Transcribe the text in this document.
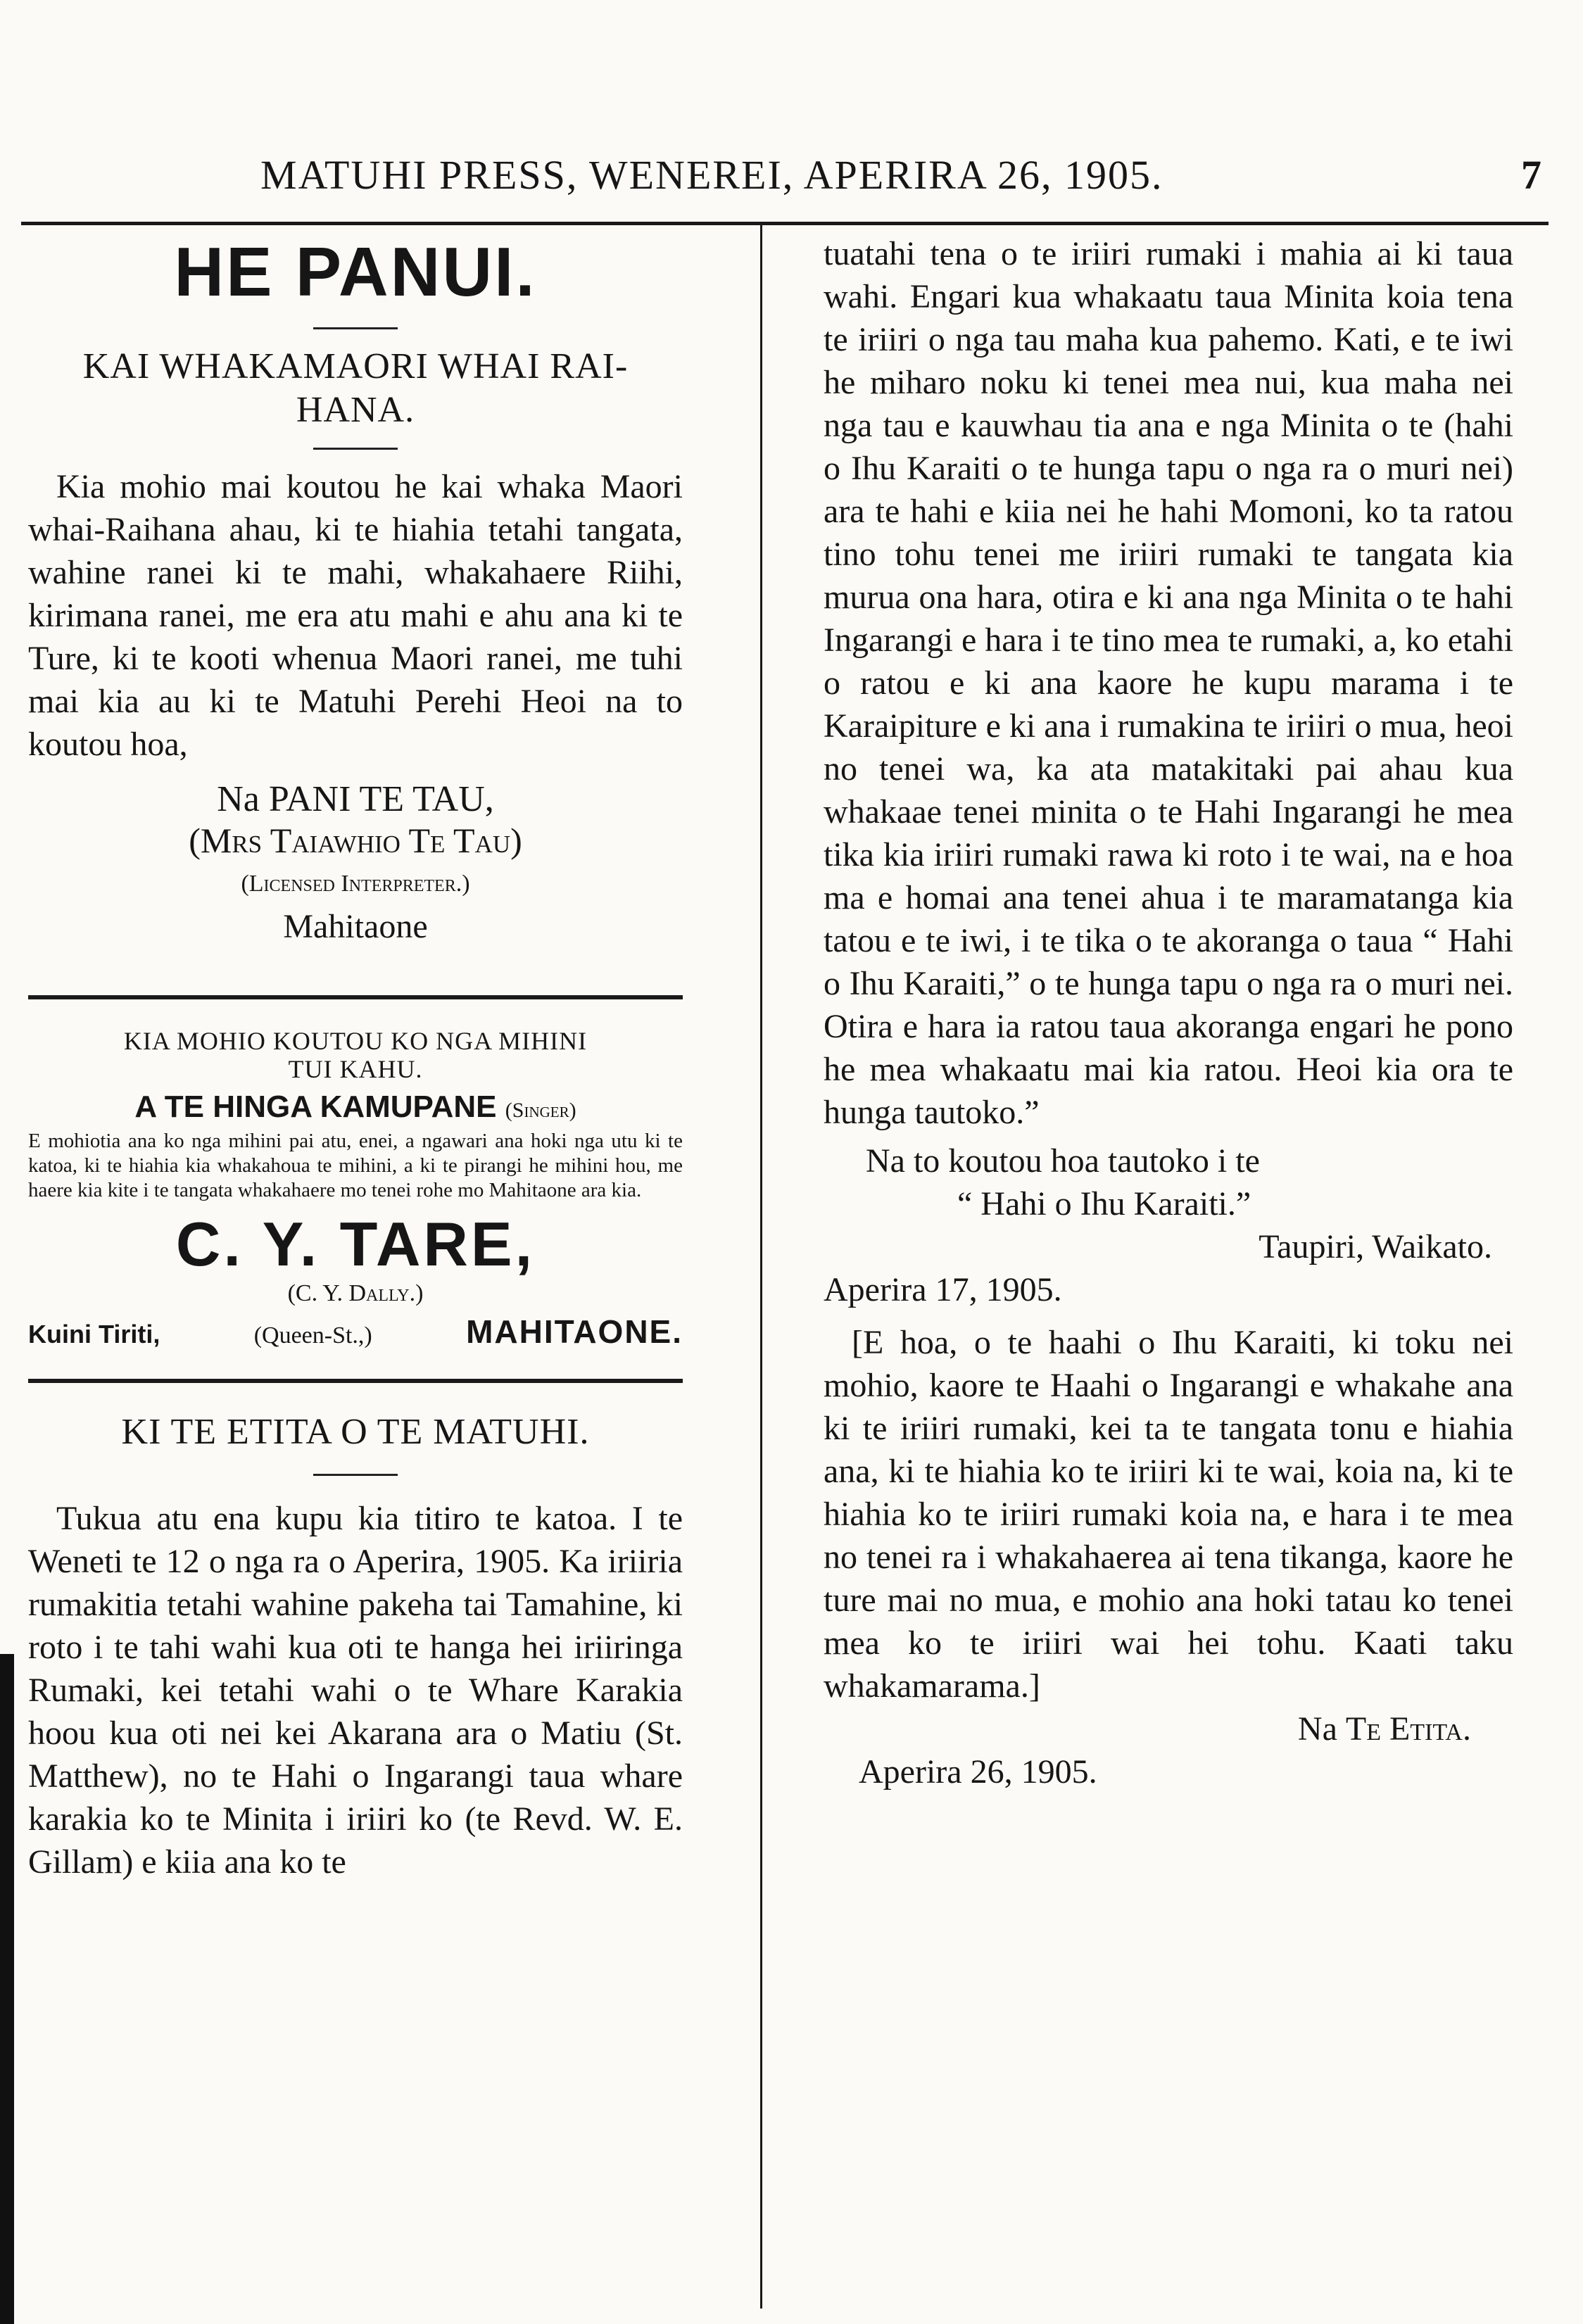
MATUHI PRESS, WENEREI, APERIRA 26, 1905.	7
HE PANUI.
KAI WHAKAMAORI WHAI RAI-HANA.

Kia mohio mai koutou he kai whaka Maori whai-Raihana ahau, ki te hiahia tetahi tangata, wahine ranei ki te mahi, whakahaere Riihi, kirimana ranei, me era atu mahi e ahu ana ki te Ture, ki te kooti whenua Maori ranei, me tuhi mai kia au ki te Matuhi Perehi Heoi na to koutou hoa,

Na PANI TE TAU,
(Mrs Taiawhio Te Tau)
(Licensed Interpreter.)
Mahitaone
KIA MOHIO KOUTOU KO NGA MIHINI
TUI KAHU.
A TE HINGA KAMUPANE (Singer)

E mohiotia ana ko nga mihini pai atu, enei, a ngawari ana hoki nga utu ki te katoa, ki te hiahia kia whakahoua te mihini, a ki te pirangi he mihini hou, me haere kia kite i te tangata whakahaere mo tenei rohe mo Mahitaone ara kia.

C. Y. TARE,
(C. Y. Dally.)
Kuini Tiriti,	(Queen-St.,)	MAHITAONE.
KI TE ETITA O TE MATUHI.

Tukua atu ena kupu kia titiro te katoa. I te Weneti te 12 o nga ra o Aperira, 1905. Ka iriiria rumakitia tetahi wahine pakeha tai Tamahine, ki roto i te tahi wahi kua oti te hanga hei iriiringa Rumaki, kei tetahi wahi o te Whare Karakia hoou kua oti nei kei Akarana ara o Matiu (St. Matthew), no te Hahi o Ingarangi taua whare karakia ko te Minita i iriiri ko (te Revd. W. E. Gillam) e kiia ana ko te

tuatahi tena o te iriiri rumaki i mahia ai ki taua wahi. Engari kua whakaatu taua Minita koia tena te iriiri o nga tau maha kua pahemo. Kati, e te iwi he miharo noku ki tenei mea nui, kua maha nei nga tau e kauwhau tia ana e nga Minita o te (hahi o Ihu Karaiti o te hunga tapu o nga ra o muri nei) ara te hahi e kiia nei he hahi Momoni, ko ta ratou tino tohu tenei me iriiri rumaki te tangata kia murua ona hara, otira e ki ana nga Minita o te hahi Ingarangi e hara i te tino mea te rumaki, a, ko etahi o ratou e ki ana kaore he kupu marama i te Karaipiture e ki ana i rumakina te iriiri o mua, heoi no tenei wa, ka ata matakitaki pai ahau kua whakaae tenei minita o te Hahi Ingarangi he mea tika kia iriiri rumaki rawa ki roto i te wai, na e hoa ma e homai ana tenei ahua i te maramatanga kia tatou e te iwi, i te tika o te akoranga o taua “ Hahi o Ihu Karaiti,” o te hunga tapu o nga ra o muri nei. Otira e hara ia ratou taua akoranga engari he pono he mea whakaatu mai kia ratou. Heoi kia ora te hunga tautoko.”

Na to koutou hoa tautoko i te
“ Hahi o Ihu Karaiti.”
Taupiri, Waikato.
Aperira 17, 1905.

[E hoa, o te haahi o Ihu Karaiti, ki toku nei mohio, kaore te Haahi o Ingarangi e whakahe ana ki te iriiri rumaki, kei ta te tangata tonu e hiahia ana, ki te hiahia ko te iriiri ki te wai, koia na, ki te hiahia ko te iriiri rumaki koia na, e hara i te mea no tenei ra i whakahaerea ai tena tikanga, kaore he ture mai no mua, e mohio ana hoki tatau ko tenei mea ko te iriiri wai hei tohu. Kaati taku whakamarama.]

Na Te Etita.
Aperira 26, 1905.
